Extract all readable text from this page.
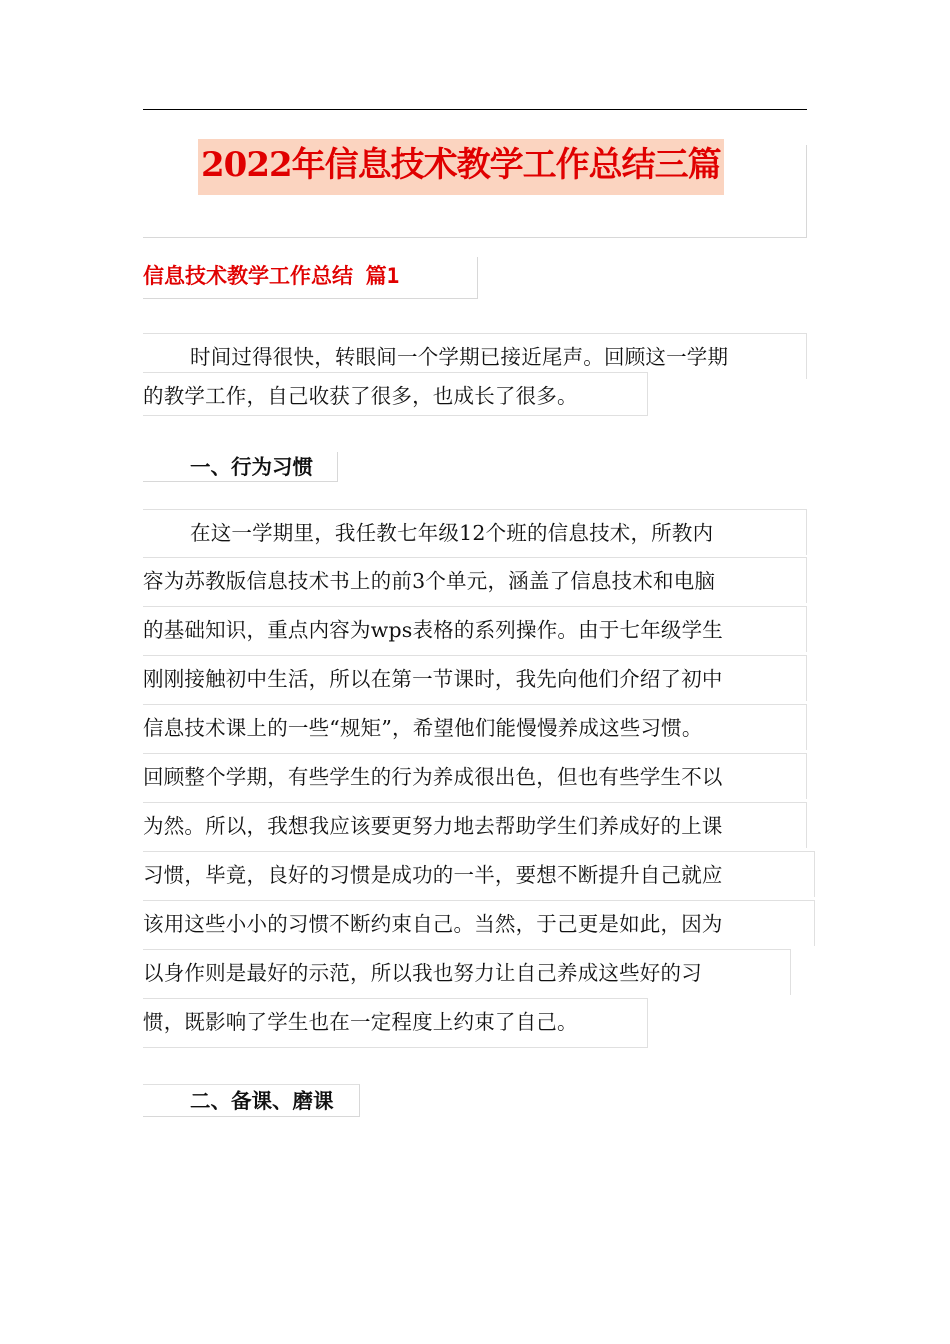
2022年信息技术教学工作总结三篇
信息技术教学工作总结 篇1
时间过得很快，转眼间一个学期已接近尾声。回顾这一学期
的教学工作，自己收获了很多，也成长了很多。
一、行为习惯
在这一学期里，我任教七年级12个班的信息技术，所教内
容为苏教版信息技术书上的前3个单元，涵盖了信息技术和电脑
的基础知识，重点内容为wps表格的系列操作。由于七年级学生
刚刚接触初中生活，所以在第一节课时，我先向他们介绍了初中
信息技术课上的一些“规矩”，希望他们能慢慢养成这些习惯。
回顾整个学期，有些学生的行为养成很出色，但也有些学生不以
为然。所以，我想我应该要更努力地去帮助学生们养成好的上课
习惯，毕竟，良好的习惯是成功的一半，要想不断提升自己就应
该用这些小小的习惯不断约束自己。当然，于己更是如此，因为
以身作则是最好的示范，所以我也努力让自己养成这些好的习
惯，既影响了学生也在一定程度上约束了自己。
二、备课、磨课
